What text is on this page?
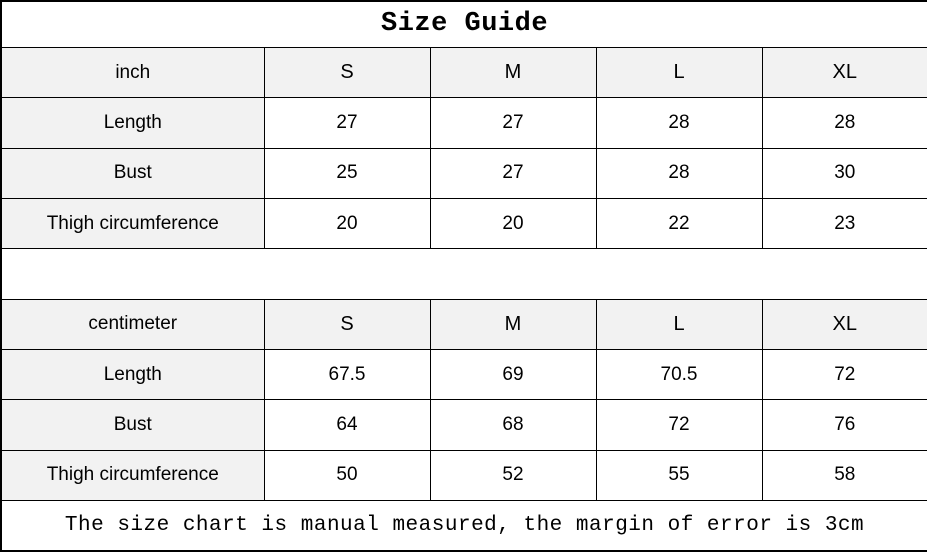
Size Guide				
inch	S	M	L	XL
Length	27	27	28	28
Bust	25	27	28	30
Thigh circumference	20	20	22	23

centimeter	S	M	L	XL
Length	67.5	69	70.5	72
Bust	64	68	72	76
Thigh circumference	50	52	55	58
The size chart is manual measured, the margin of error is 3cm				
